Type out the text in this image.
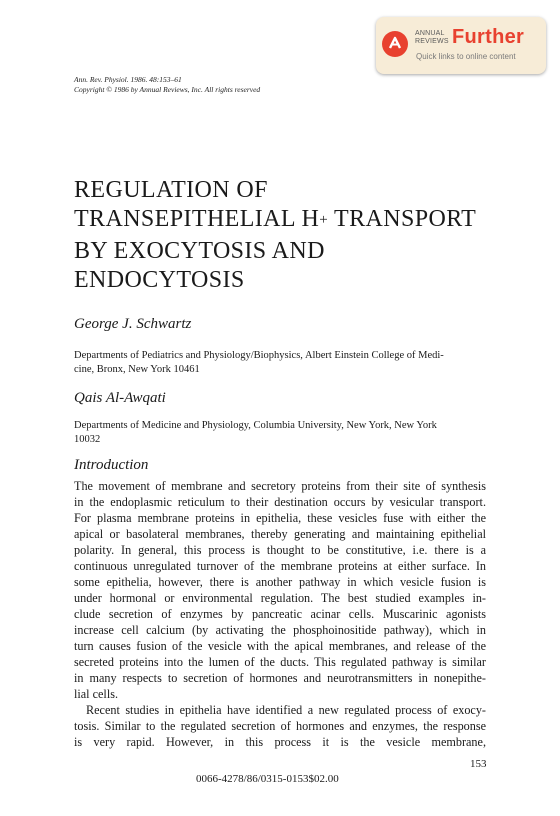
ANNUAL
REVIEWS Further
Quick links to online content
Ann. Rev. Physiol. 1986. 48:153–61
Copyright © 1986 by Annual Reviews, Inc. All rights reserved
REGULATION OF
TRANSEPITHELIAL H+ TRANSPORT
BY EXOCYTOSIS AND
ENDOCYTOSIS
George J. Schwartz
Departments of Pediatrics and Physiology/Biophysics, Albert Einstein College of Medi-
cine, Bronx, New York 10461
Qais Al-Awqati
Departments of Medicine and Physiology, Columbia University, New York, New York
10032
Introduction
The movement of membrane and secretory proteins from their site of synthesis
in the endoplasmic reticulum to their destination occurs by vesicular transport.
For plasma membrane proteins in epithelia, these vesicles fuse with either the
apical or basolateral membranes, thereby generating and maintaining epithelial
polarity. In general, this process is thought to be constitutive, i.e. there is a
continuous unregulated turnover of the membrane proteins at either surface. In
some epithelia, however, there is another pathway in which vesicle fusion is
under hormonal or environmental regulation. The best studied examples in-
clude secretion of enzymes by pancreatic acinar cells. Muscarinic agonists
increase cell calcium (by activating the phosphoinositide pathway), which in
turn causes fusion of the vesicle with the apical membranes, and release of the
secreted proteins into the lumen of the ducts. This regulated pathway is similar
in many respects to secretion of hormones and neurotransmitters in nonepithe-
lial cells.
Recent studies in epithelia have identified a new regulated process of exocy-
tosis. Similar to the regulated secretion of hormones and enzymes, the response
is very rapid. However, in this process it is the vesicle membrane,
153
0066-4278/86/0315-0153$02.00
